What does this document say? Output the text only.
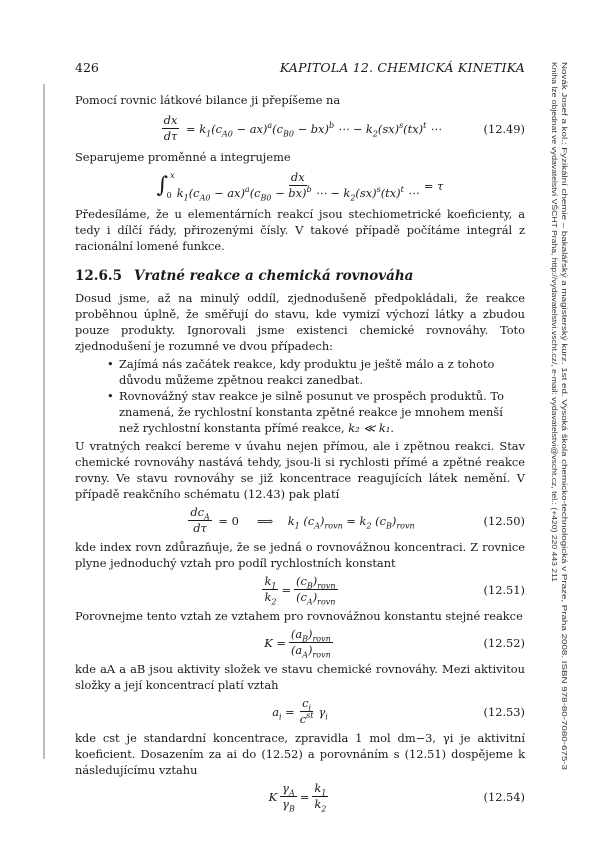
426	KAPITOLA 12. CHEMICKÁ KINETIKA	Novák Josef a kol.: Fyzikální chemie – bakalářský a magisterský kurz. 1st ed. Vysoká škola chemicko-technologická v Praze, Praha 2008. ISBN 978-80-7080-675-3
Kniha lze objednat ve vydavatelství VŠCHT Praha, http://vydavatelstvi.vscht.cz/, e-mail: vydavatelstvi@vscht.cz, tel.: (+420) 220 443 211

Pomocí rovnic látkové bilance ji přepíšeme na

$\frac{dx}{d\tau} = k_1(c_{A0} - ax)^a(c_{B0} - bx)^b$ ⋯ − $k_2(sx)^s(tx)^t$ ⋯	(12.49)

Separujeme proměnné a integrujeme

∫ x
$0 \frac{dx}{k_1(c_{A0} - ax)^a(c_{B0} - bx)^b \cdots - k_2(sx)^s(tx)^t \cdots} = \tau$

Předesíláme, že u elementárních reakcí jsou stechiometrické koeficienty, a tedy i dílčí řády, přirozenými čísly. V takové případě počítáme integrál z racionální lomené funkce.

12.6.5 Vratné reakce a chemická rovnováha

Dosud jsme, až na minulý oddíl, zjednodušeně předpokládali, že reakce proběhnou úplně, že směřují do stavu, kde vymizí výchozí látky a zbudou pouze produkty. Ignorovali jsme existenci chemické rovnováhy. Toto zjednodušení je rozumné ve dvou případech:

• Zajímá nás začátek reakce, kdy produktu je ještě málo a z tohoto důvodu můžeme zpětnou reakci zanedbat.
• Rovnovážný stav reakce je silně posunut ve prospěch produktů. To znamená, že rychlostní konstanta zpětné reakce je mnohem menší než rychlostní konstanta přímé reakce, k₂ ≪ k₁.

U vratných reakcí bereme v úvahu nejen přímou, ale i zpětnou reakci. Stav chemické rovnováhy nastává tehdy, jsou-li si rychlosti přímé a zpětné reakce rovny. Ve stavu rovnováhy se již koncentrace reagujících látek nemění. V případě reakčního schématu (12.43) pak platí

$\frac{dc_A}{d\tau} = 0$     ⟹ $k_1$ $(c_A)_{rovn} = k_2$ $(c_B)_{rovn}$	(12.50)

kde index rovn zdůrazňuje, že se jedná o rovnovážnou koncentraci. Z rovnice plyne jednoduchý vztah pro podíl rychlostních konstant

$\frac{k_1}{k_2} = \frac{(c_B)_{rovn}}{(c_A)_{rovn}}$	(12.51)

Porovnejme tento vztah ze vztahem pro rovnovážnou konstantu stejné reakce

$K = \frac{(a_B)_{rovn}}{(a_A)_{rovn}}$	(12.52)

kde aA a aB jsou aktivity složek ve stavu chemické rovnováhy. Mezi aktivitou složky a její koncentrací platí vztah

$a_i = \frac{c_i}{c^{st}} \gamma_i$	(12.53)

kde cst je standardní koncentrace, zpravidla 1 mol dm−3, γi je aktivitní koeficient. Dosazením za ai do (12.52) a porovnáním s (12.51) dospějeme k následujícímu vztahu

K $\frac{\gamma_A}{\gamma_B} = \frac{k_1}{k_2}$	(12.54)
